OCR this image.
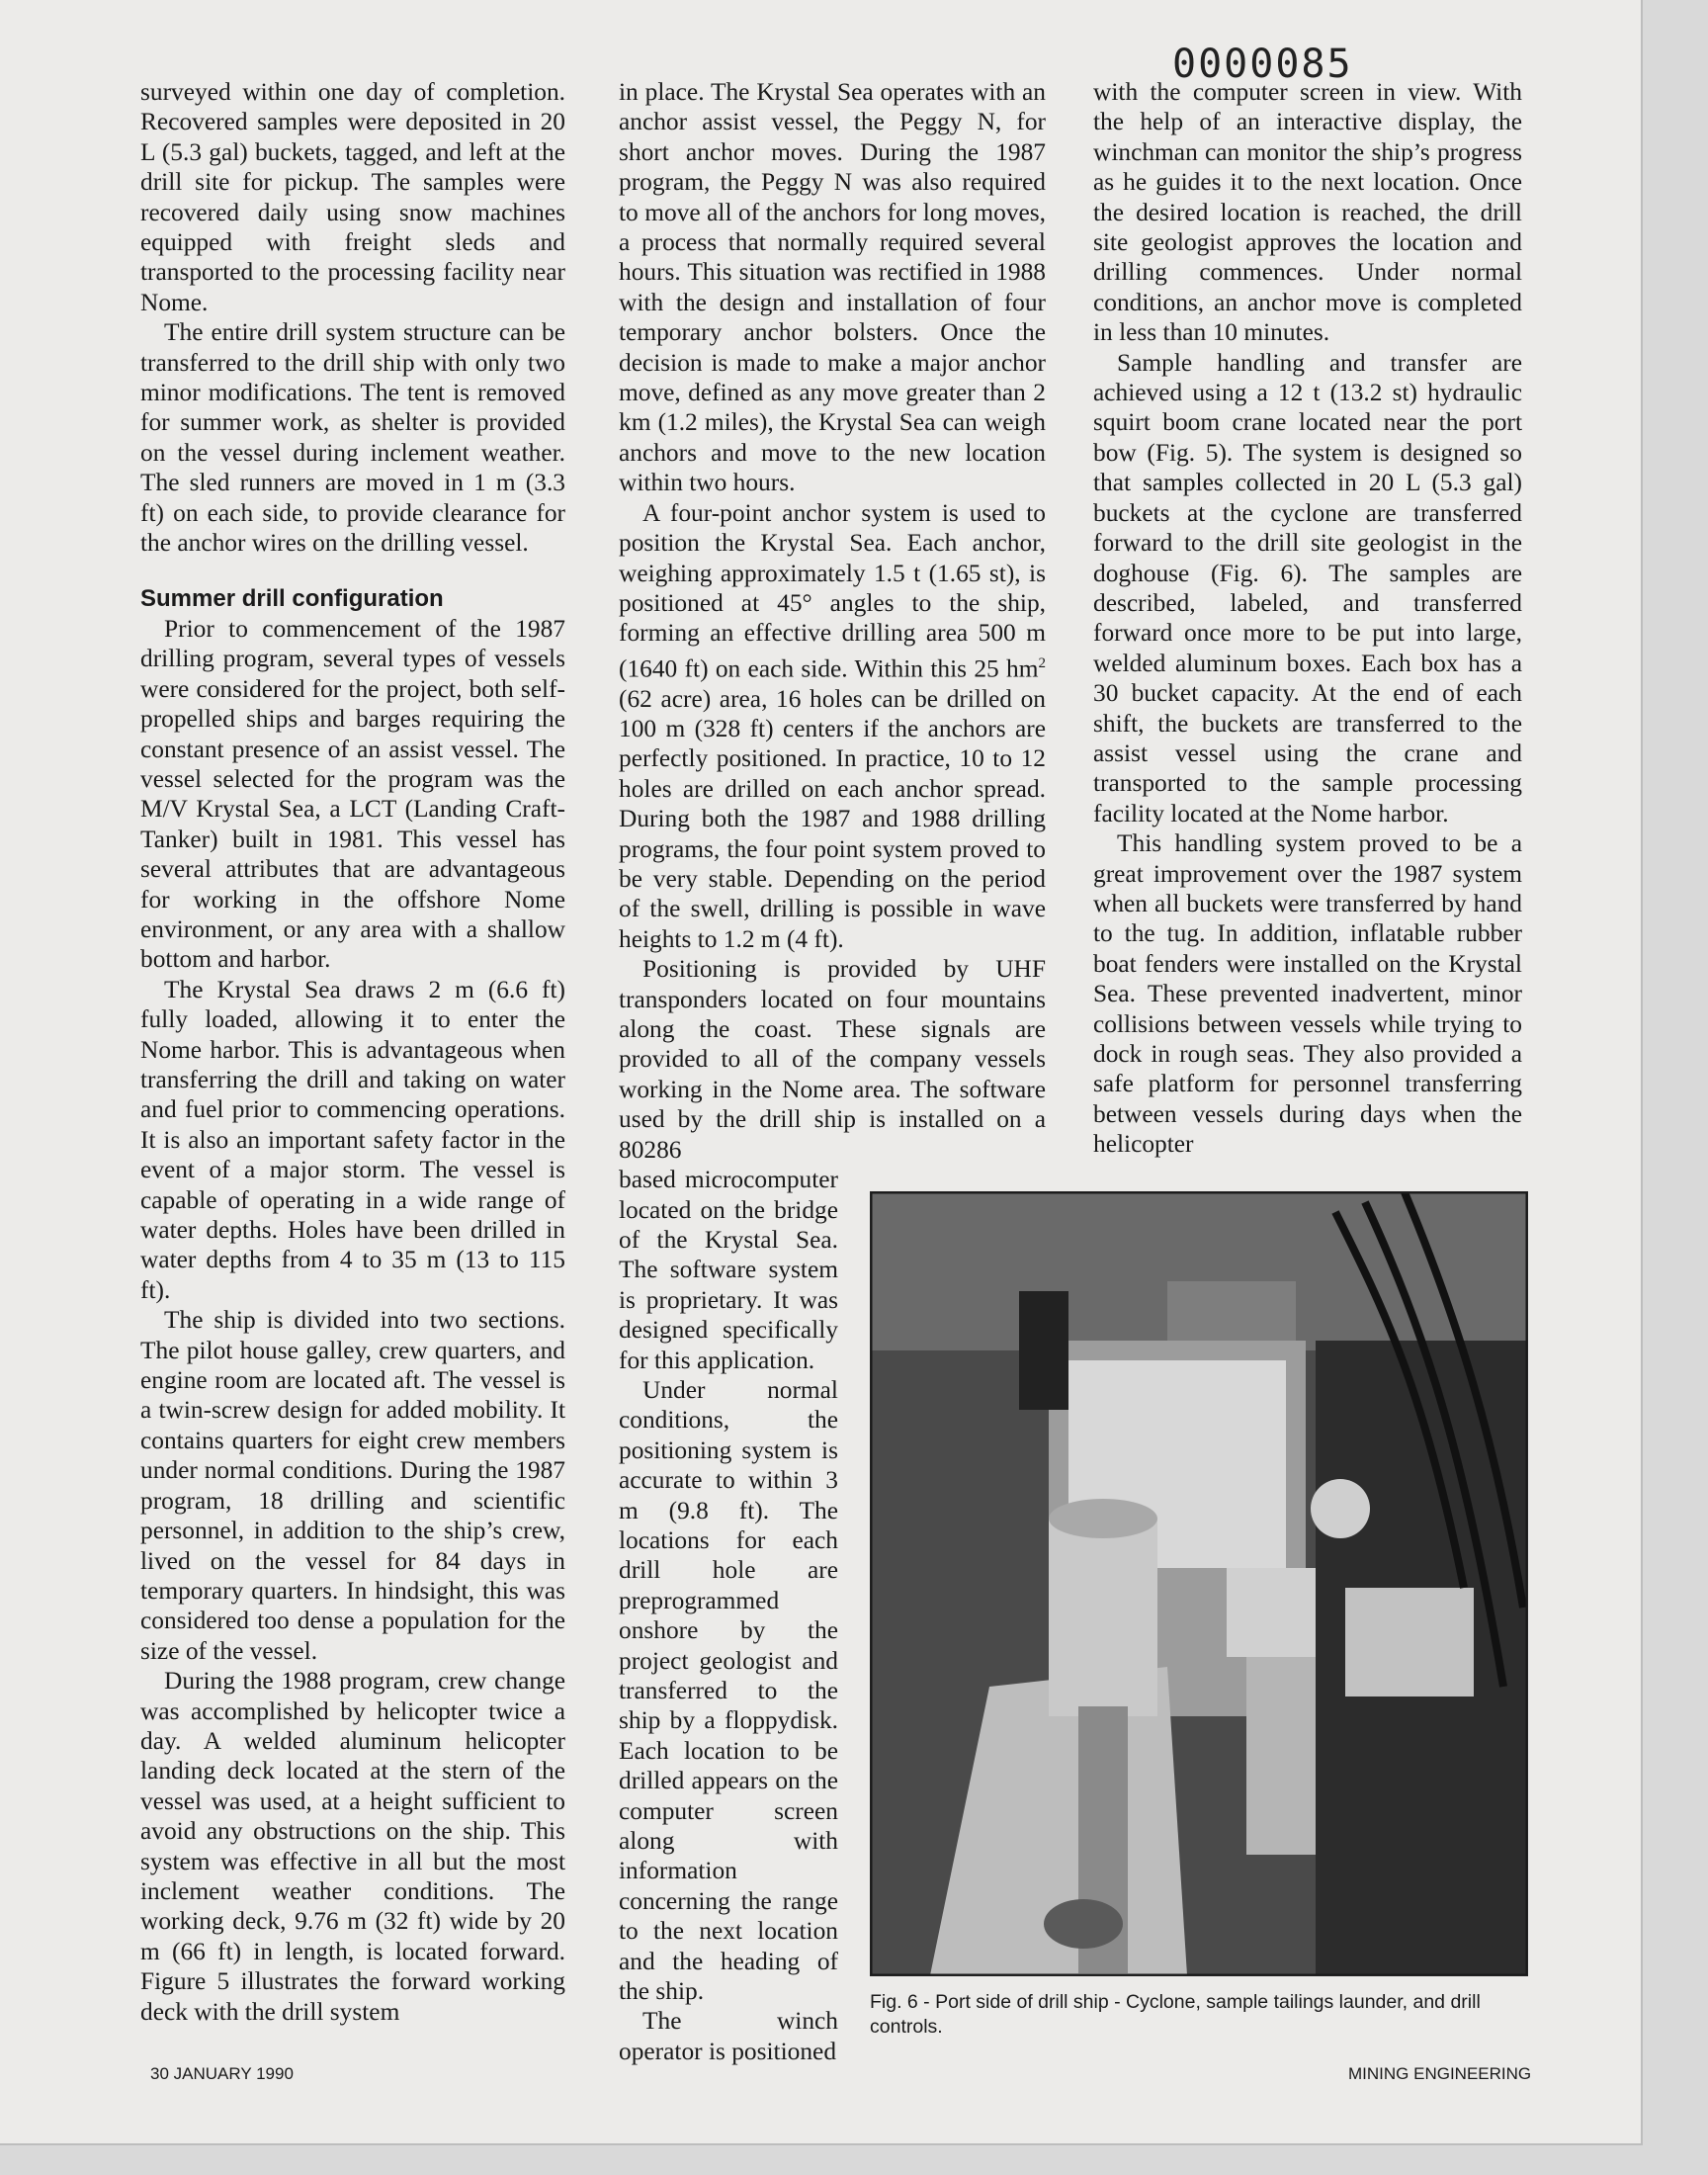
0000085

surveyed within one day of completion. Recovered samples were deposited in 20 L (5.3 gal) buckets, tagged, and left at the drill site for pickup. The samples were recovered daily using snow machines equipped with freight sleds and transported to the processing facility near Nome.

The entire drill system structure can be transferred to the drill ship with only two minor modifications. The tent is removed for summer work, as shelter is provided on the vessel during inclement weather. The sled runners are moved in 1 m (3.3 ft) on each side, to provide clearance for the anchor wires on the drilling vessel.

Summer drill configuration

Prior to commencement of the 1987 drilling program, several types of vessels were considered for the project, both self-propelled ships and barges requiring the constant presence of an assist vessel. The vessel selected for the program was the M/V Krystal Sea, a LCT (Landing Craft-Tanker) built in 1981. This vessel has several attributes that are advantageous for working in the offshore Nome environment, or any area with a shallow bottom and harbor.

The Krystal Sea draws 2 m (6.6 ft) fully loaded, allowing it to enter the Nome harbor. This is advantageous when transferring the drill and taking on water and fuel prior to commencing operations. It is also an important safety factor in the event of a major storm. The vessel is capable of operating in a wide range of water depths. Holes have been drilled in water depths from 4 to 35 m (13 to 115 ft).

The ship is divided into two sections. The pilot house galley, crew quarters, and engine room are located aft. The vessel is a twin-screw design for added mobility. It contains quarters for eight crew members under normal conditions. During the 1987 program, 18 drilling and scientific personnel, in addition to the ship’s crew, lived on the vessel for 84 days in temporary quarters. In hindsight, this was considered too dense a population for the size of the vessel.

During the 1988 program, crew change was accomplished by helicopter twice a day. A welded aluminum helicopter landing deck located at the stern of the vessel was used, at a height sufficient to avoid any obstructions on the ship. This system was effective in all but the most inclement weather conditions. The working deck, 9.76 m (32 ft) wide by 20 m (66 ft) in length, is located forward. Figure 5 illustrates the forward working deck with the drill system

in place. The Krystal Sea operates with an anchor assist vessel, the Peggy N, for short anchor moves. During the 1987 program, the Peggy N was also required to move all of the anchors for long moves, a process that normally required several hours. This situation was rectified in 1988 with the design and installation of four temporary anchor bolsters. Once the decision is made to make a major anchor move, defined as any move greater than 2 km (1.2 miles), the Krystal Sea can weigh anchors and move to the new location within two hours.

A four-point anchor system is used to position the Krystal Sea. Each anchor, weighing approximately 1.5 t (1.65 st), is positioned at 45° angles to the ship, forming an effective drilling area 500 m (1640 ft) on each side. Within this 25 $hm^2$ (62 acre) area, 16 holes can be drilled on 100 m (328 ft) centers if the anchors are perfectly positioned. In practice, 10 to 12 holes are drilled on each anchor spread. During both the 1987 and 1988 drilling programs, the four point system proved to be very stable. Depending on the period of the swell, drilling is possible in wave heights to 1.2 m (4 ft).

Positioning is provided by UHF transponders located on four mountains along the coast. These signals are provided to all of the company vessels working in the Nome area. The software used by the drill ship is installed on a 80286

based microcomputer located on the bridge of the Krystal Sea. The software system is proprietary. It was designed specifically for this application.

Under normal conditions, the positioning system is accurate to within 3 m (9.8 ft). The locations for each drill hole are preprogrammed onshore by the project geologist and transferred to the ship by a floppydisk. Each location to be drilled appears on the computer screen along with information concerning the range to the next location and the heading of the ship.

The winch operator is positioned

with the computer screen in view. With the help of an interactive display, the winchman can monitor the ship’s progress as he guides it to the next location. Once the desired location is reached, the drill site geologist approves the location and drilling commences. Under normal conditions, an anchor move is completed in less than 10 minutes.

Sample handling and transfer are achieved using a 12 t (13.2 st) hydraulic squirt boom crane located near the port bow (Fig. 5). The system is designed so that samples collected in 20 L (5.3 gal) buckets at the cyclone are transferred forward to the drill site geologist in the doghouse (Fig. 6). The samples are described, labeled, and transferred forward once more to be put into large, welded aluminum boxes. Each box has a 30 bucket capacity. At the end of each shift, the buckets are transferred to the assist vessel using the crane and transported to the sample processing facility located at the Nome harbor.

This handling system proved to be a great improvement over the 1987 system when all buckets were transferred by hand to the tug. In addition, inflatable rubber boat fenders were installed on the Krystal Sea. These prevented inadvertent, minor collisions between vessels while trying to dock in rough seas. They also provided a safe platform for personnel transferring between vessels during days when the helicopter

Fig. 6 - Port side of drill ship - Cyclone, sample tailings launder, and drill controls.
30 JANUARY 1990	MINING ENGINEERING
